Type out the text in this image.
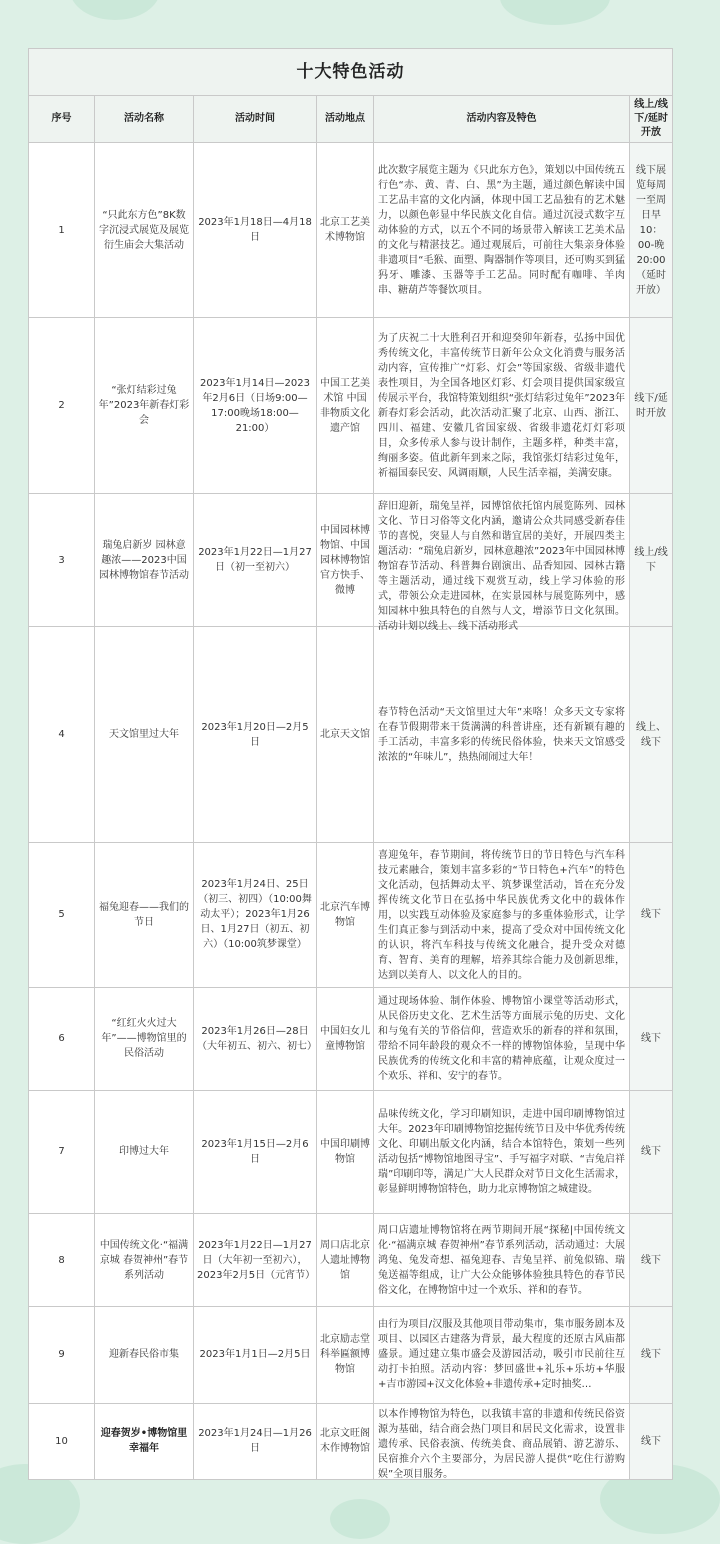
十大特色活动					
序号	活动名称	活动时间	活动地点	活动内容及特色	线上/线下/延时开放
1	“只此东方色”8K数字沉浸式展览及展览衍生庙会大集活动	2023年1月18日—4月18日	北京工艺美术博物馆	此次数字展览主题为《只此东方色》，策划以中国传统五行色“赤、黄、青、白、黑”为主题，通过颜色解读中国工艺品丰富的文化内涵，体现中国工艺品独有的艺术魅力，以颜色彰显中华民族文化自信。通过沉浸式数字互动体验的方式，以五个不同的场景带入解读工艺美术品的文化与精湛技艺。通过观展后，可前往大集亲身体验非遗项目“毛猴、面塑、陶器制作等项目，还可购买到猛犸牙、雕漆、玉器等手工艺品。同时配有咖啡、羊肉串、糖葫芦等餐饮项目。	线下展览每周一至周日早10：00-晚20:00（延时开放）
2	“张灯结彩过兔年”2023年新春灯彩会	2023年1月14日—2023年2月6日（日场9:00—17:00晚场18:00—21:00）	中国工艺美术馆 中国非物质文化遗产馆	为了庆祝二十大胜利召开和迎癸卯年新春，弘扬中国优秀传统文化，丰富传统节日新年公众文化消费与服务活动内容，宣传推广“灯彩、灯会”等国家级、省级非遗代表性项目，为全国各地区灯彩、灯会项目提供国家级宣传展示平台，我馆特策划组织“张灯结彩过兔年”2023年新春灯彩会活动，此次活动汇聚了北京、山西、浙江、四川、福建、安徽几省国家级、省级非遗花灯灯彩项目，众多传承人参与设计制作，主题多样，种类丰富，绚丽多姿。值此新年到来之际，我馆张灯结彩过兔年，祈福国泰民安、风调雨顺，人民生活幸福，美满安康。	线下/延时开放
3	瑞兔启新岁 园林意趣浓——2023中国园林博物馆春节活动	2023年1月22日—1月27日（初一至初六）	中国园林博物馆、中国园林博物馆官方快手、微博	辞旧迎新，瑞兔呈祥，园博馆依托馆内展览陈列、园林文化、节日习俗等文化内涵，邀请公众共同感受新春佳节的喜悦，突显人与自然和谐宜居的美好，开展四类主题活动：“瑞兔启新岁，园林意趣浓”2023年中国园林博物馆春节活动、科普舞台剧演出、品香知园、园林古籍等主题活动，通过线下观赏互动，线上学习体验的形式，带领公众走进园林，在实景园林与展览陈列中，感知园林中独具特色的自然与人文，增添节日文化氛围。活动计划以线上、线下活动形式	线上/线下
4	天文馆里过大年	2023年1月20日—2月5日	北京天文馆	春节特色活动“天文馆里过大年”来咯！众多天文专家将在春节假期带来干货满满的科普讲座，还有新颖有趣的手工活动，丰富多彩的传统民俗体验，快来天文馆感受浓浓的“年味儿”，热热闹闹过大年！	线上、线下
5	福兔迎春——我们的节日	2023年1月24日、25日（初三、初四）（10:00舞动太平）；2023年1月26日、1月27日（初五、初六）（10:00筑梦课堂）	北京汽车博物馆	喜迎兔年，春节期间，将传统节日的节日特色与汽车科技元素融合，策划丰富多彩的“节日特色+汽车”的特色文化活动，包括舞动太平、筑梦课堂活动，旨在充分发挥传统文化节日在弘扬中华民族优秀文化中的载体作用，以实践互动体验及家庭参与的多重体验形式，让学生们真正参与到活动中来，提高了受众对中国传统文化的认识，将汽车科技与传统文化融合，提升受众对德育、智育、美育的理解，培养其综合能力及创新思维，达到以美育人、以文化人的目的。	线下
6	“红红火火过大年”——博物馆里的民俗活动	2023年1月26日—28日（大年初五、初六、初七）	中国妇女儿童博物馆	通过现场体验、制作体验、博物馆小课堂等活动形式，从民俗历史文化、艺术生活等方面展示兔的历史、文化和与兔有关的节俗信仰，营造欢乐的新春的祥和氛围，带给不同年龄段的观众不一样的博物馆体验，呈现中华民族优秀的传统文化和丰富的精神底蕴，让观众度过一个欢乐、祥和、安宁的春节。	线下
7	印博过大年	2023年1月15日—2月6日	中国印刷博物馆	品味传统文化，学习印刷知识，走进中国印刷博物馆过大年。2023年印刷博物馆挖掘传统节日及中华优秀传统文化、印刷出版文化内涵，结合本馆特色，策划一些列活动包括“博物馆地图寻宝”、手写福字对联、“吉兔启祥瑞”印刷印等，满足广大人民群众对节日文化生活需求，彰显鲜明博物馆特色，助力北京博物馆之城建设。	线下
8	中国传统文化·“福满京城 春贺神州”春节系列活动	2023年1月22日—1月27日（大年初一至初六），2023年2月5日（元宵节）	周口店北京人遗址博物馆	周口店遗址博物馆将在两节期间开展“探秘|中国传统文化·“福满京城 春贺神州”春节系列活动，活动通过：大展鸿兔、兔发奇想、福兔迎春、吉兔呈祥、前兔似锦、瑞兔送福等组成，让广大公众能够体验独具特色的春节民俗文化，在博物馆中过一个欢乐、祥和的春节。	线下
9	迎新春民俗市集	2023年1月1日—2月5日	北京励志堂科举匾额博物馆	由行为项目/汉服及其他项目带动集市，集市服务剧本及项目、以园区古建落为背景，最大程度的还原古风庙都盛景。通过建立集市盛会及游园活动，吸引市民前往互动打卡拍照。活动内容：梦回盛世+礼乐+乐坊+华服+吉市游园+汉文化体验+非遗传承+定时抽奖…	线下
10	迎春贺岁•博物馆里幸福年	2023年1月24日—1月26日	北京文旺阁木作博物馆	以本作博物馆为特色，以我镇丰富的非遗和传统民俗资源为基础，结合商会热门项目和居民文化需求，设置非遗传承、民俗表演、传统美食、商品展销、游艺游乐、民宿推介六个主要部分，为居民游人提供“吃住行游购娱”全项目服务。	线下
